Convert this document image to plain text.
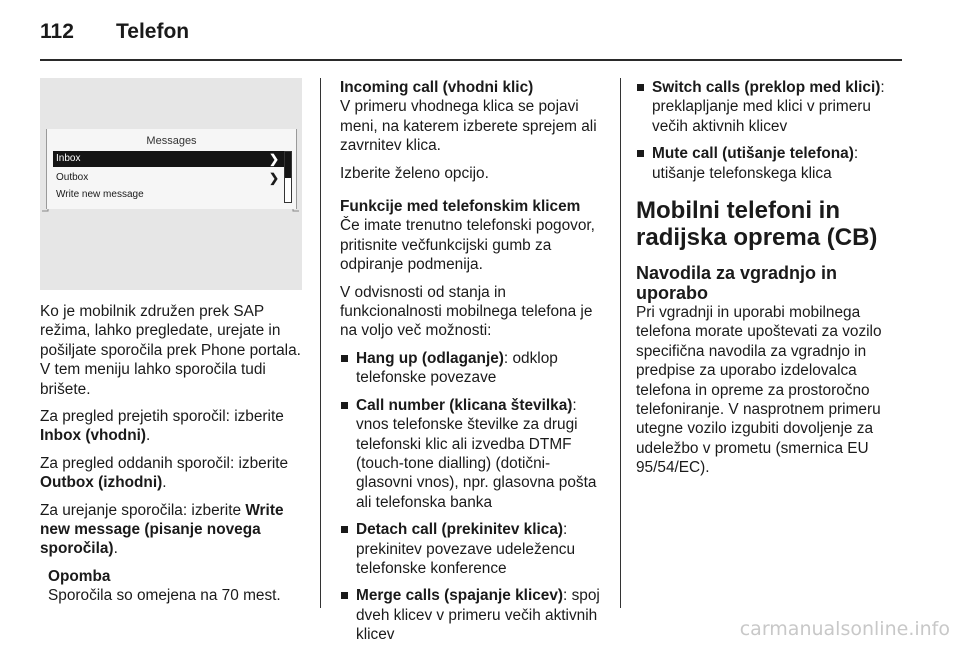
112 Telefon
Messages
Inbox	❯
Outbox	❯
Write new message

Ko je mobilnik združen prek SAP režima, lahko pregledate, urejate in pošiljate sporočila prek Phone portala. V tem meniju lahko sporočila tudi brišete.

Za pregled prejetih sporočil: izberite Inbox (vhodni).

Za pregled oddanih sporočil: izberite Outbox (izhodni).

Za urejanje sporočila: izberite Write new message (pisanje novega sporočila).

Opomba
Sporočila so omejena na 70 mest.
Incoming call (vhodni klic)

V primeru vhodnega klica se pojavi meni, na katerem izberete sprejem ali zavrnitev klica.

Izberite želeno opcijo.

Funkcije med telefonskim klicem

Če imate trenutno telefonski pogovor, pritisnite večfunkcijski gumb za odpiranje podmenija.

V odvisnosti od stanja in funkcionalnosti mobilnega telefona je na voljo več možnosti:

Hang up (odlaganje): odklop telefonske povezave
Call number (klicana številka): vnos telefonske številke za drugi telefonski klic ali izvedba DTMF (touch-tone dialling) (dotični-glasovni vnos), npr. glasovna pošta ali telefonska banka
Detach call (prekinitev klica): prekinitev povezave udeležencu telefonske konference
Merge calls (spajanje klicev): spoj dveh klicev v primeru večih aktivnih klicev
Switch calls (preklop med klici): preklapljanje med klici v primeru večih aktivnih klicev
Mute call (utišanje telefona): utišanje telefonskega klica
Mobilni telefoni in radijska oprema (CB)
Navodila za vgradnjo in uporabo

Pri vgradnji in uporabi mobilnega telefona morate upoštevati za vozilo specifična navodila za vgradnjo in predpise za uporabo izdelovalca telefona in opreme za prostoročno telefoniranje. V nasprotnem primeru utegne vozilo izgubiti dovoljenje za udeležbo v prometu (smernica EU 95/54/EC).

carmanualsonline.info
